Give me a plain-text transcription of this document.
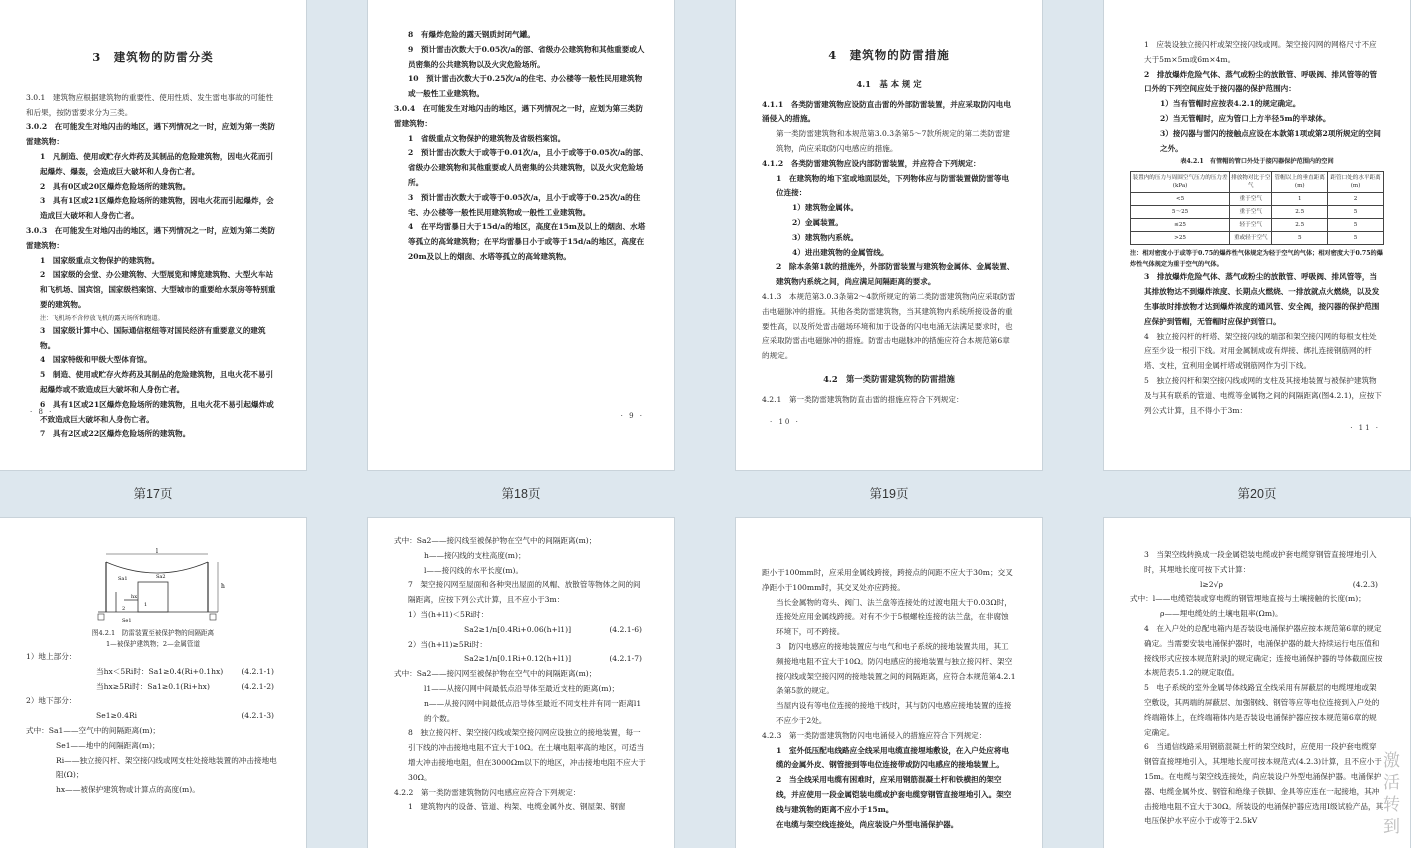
3　建筑物的防雷分类

3.0.1　建筑物应根据建筑物的重要性、使用性质、发生雷电事故的可能性和后果，按防雷要求分为三类。

3.0.2　在可能发生对地闪击的地区，遇下列情况之一时，应划为第一类防雷建筑物：

1　凡制造、使用或贮存火炸药及其制品的危险建筑物，因电火花而引起爆炸、爆轰，会造成巨大破坏和人身伤亡者。

2　具有0区或20区爆炸危险场所的建筑物。

3　具有1区或21区爆炸危险场所的建筑物，因电火花而引起爆炸，会造成巨大破坏和人身伤亡者。

3.0.3　在可能发生对地闪击的地区，遇下列情况之一时，应划为第二类防雷建筑物：

1　国家级重点文物保护的建筑物。

2　国家级的会堂、办公建筑物、大型展览和博览建筑物、大型火车站和飞机场、国宾馆，国家级档案馆、大型城市的重要给水泵房等特别重要的建筑物。

注：飞机场不含停放飞机的露天场所和跑道。

3　国家级计算中心、国际通信枢纽等对国民经济有重要意义的建筑物。

4　国家特级和甲级大型体育馆。

5　制造、使用或贮存火炸药及其制品的危险建筑物，且电火花不易引起爆炸或不致造成巨大破坏和人身伤亡者。

6　具有1区或21区爆炸危险场所的建筑物，且电火花不易引起爆炸或不致造成巨大破坏和人身伤亡者。

7　具有2区或22区爆炸危险场所的建筑物。

· 8 ·
第17页

8　有爆炸危险的露天钢质封闭气罐。

9　预计雷击次数大于0.05次/a的部、省级办公建筑物和其他重要或人员密集的公共建筑物以及火灾危险场所。

10　预计雷击次数大于0.25次/a的住宅、办公楼等一般性民用建筑物或一般性工业建筑物。

3.0.4　在可能发生对地闪击的地区，遇下列情况之一时，应划为第三类防雷建筑物：

1　省级重点文物保护的建筑物及省级档案馆。

2　预计雷击次数大于或等于0.01次/a，且小于或等于0.05次/a的部、省级办公建筑物和其他重要或人员密集的公共建筑物，以及火灾危险场所。

3　预计雷击次数大于或等于0.05次/a，且小于或等于0.25次/a的住宅、办公楼等一般性民用建筑物或一般性工业建筑物。

4　在平均雷暴日大于15d/a的地区，高度在15m及以上的烟囱、水塔等孤立的高耸建筑物；在平均雷暴日小于或等于15d/a的地区，高度在20m及以上的烟囱、水塔等孤立的高耸建筑物。

· 9 ·
第18页
4　建筑物的防雷措施
4.1　基 本 规 定

4.1.1　各类防雷建筑物应设防直击雷的外部防雷装置，并应采取防闪电电涌侵入的措施。

第一类防雷建筑物和本规范第3.0.3条第5～7款所规定的第二类防雷建筑物，尚应采取防闪电感应的措施。

4.1.2　各类防雷建筑物应设内部防雷装置，并应符合下列规定：

1　在建筑物的地下室或地面层处，下列物体应与防雷装置做防雷等电位连接：

1）建筑物金属体。

2）金属装置。

3）建筑物内系统。

4）进出建筑物的金属管线。

2　除本条第1款的措施外，外部防雷装置与建筑物金属体、金属装置、建筑物内系统之间，尚应满足间隔距离的要求。

4.1.3　本规范第3.0.3条第2～4款所规定的第二类防雷建筑物尚应采取防雷击电磁脉冲的措施。其他各类防雷建筑物，当其建筑物内系统所接设备的重要性高，以及所处雷击磁场环境和加于设备的闪电电涌无法满足要求时，也应采取防雷击电磁脉冲的措施。防雷击电磁脉冲的措施应符合本规范第6章的规定。

4.2　第一类防雷建筑物的防雷措施

4.2.1　第一类防雷建筑物防直击雷的措施应符合下列规定：

· 10 ·
第19页

1　应装设独立接闪杆或架空接闪线或网。架空接闪网的网格尺寸不应大于5m×5m或6m×4m。

2　排放爆炸危险气体、蒸气或粉尘的放散管、呼吸阀、排风管等的管口外的下列空间应处于接闪器的保护范围内：

1）当有管帽时应按表4.2.1的规定确定。

2）当无管帽时，应为管口上方半径5m的半球体。

3）接闪器与雷闪的接触点应设在本款第1项或第2项所规定的空间之外。

表4.2.1　有管帽的管口外处于接闪器保护范围内的空间

装置内的压力与周围空气压力的压力差(kPa)	排放物对比于空气	管帽以上的垂直距离(m)	距管口处的水平距离(m)
<5	重于空气	1	2
5～25	重于空气	2.5	5
≤25	轻于空气	2.5	5
>25	重或轻于空气	5	5

注：相对密度小于或等于0.75的爆炸性气体规定为轻于空气的气体；相对密度大于0.75的爆炸性气体规定为重于空气的气体。

3　排放爆炸危险气体、蒸气或粉尘的放散管、呼吸阀、排风管等，当其排放物达不到爆炸浓度、长期点火燃烧、一排放就点火燃烧，以及发生事故时排放物才达到爆炸浓度的通风管、安全阀，接闪器的保护范围应保护到管帽，无管帽时应保护到管口。

4　独立接闪杆的杆塔、架空接闪线的端部和架空接闪网的每根支柱处应至少设一根引下线。对用金属制成或有焊接、绑扎连接钢筋网的杆塔、支柱，宜利用金属杆塔或钢筋网作为引下线。

5　独立接闪杆和架空接闪线或网的支柱及其接地装置与被保护建筑物及与其有联系的管道、电缆等金属物之间的间隔距离(图4.2.1)，应按下列公式计算，且不得小于3m：

· 11 ·
第20页
l
h
Sa1	Sa2
Se1
hx
1
2

图4.2.1　防雷装置至被保护物的间隔距离

1—被保护建筑物；2—金属管道

1）地上部分：

当hx＜5Ri时：Sa1≥0.4(Ri+0.1hx) (4.2.1-1)
当hx≥5Ri时：Sa1≥0.1(Ri+hx)	(4.2.1-2)

2）地下部分：

Se1≥0.4Ri	(4.2.1-3)

式中：Sa1——空气中的间隔距离(m)；

Se1——地中的间隔距离(m)；

Ri——独立接闪杆、架空接闪线或网支柱处接地装置的冲击接地电阻(Ω)；

hx——被保护建筑物或计算点的高度(m)。

式中：Sa2——接闪线至被保护物在空气中的间隔距离(m)；

h——接闪线的支柱高度(m)；

l——接闪线的水平长度(m)。

7　架空接闪网至屋面和各种突出屋面的风帽、放散管等物体之间的间隔距离，应按下列公式计算，且不应小于3m：

1）当(h+l1)＜5Ri时：

Sa2≥1/n[0.4Ri+0.06(h+l1)]	(4.2.1-6)

2）当(h+l1)≥5Ri时：

Sa2≥1/n[0.1Ri+0.12(h+l1)]	(4.2.1-7)

式中：Sa2——接闪网至被保护物在空气中的间隔距离(m)；

l1——从接闪网中间最低点沿导体至最近支柱的距离(m)；

n——从接闪网中间最低点沿导体至最近不同支柱并有同一距离l1的个数。

8　独立接闪杆、架空接闪线或架空接闪网应设独立的接地装置，每一引下线的冲击接地电阻不宜大于10Ω。在土壤电阻率高的地区，可适当增大冲击接地电阻，但在3000Ωm以下的地区，冲击接地电阻不应大于30Ω。

4.2.2　第一类防雷建筑物防闪电感应应符合下列规定：

1　建筑物内的设备、管道、构架、电缆金属外皮、钢屋架、钢窗

距小于100mm时，应采用金属线跨接，跨接点的间距不应大于30m；交叉净距小于100mm时，其交叉处亦应跨接。

当长金属物的弯头、阀门、法兰盘等连接处的过渡电阻大于0.03Ω时，连接处应用金属线跨接。对有不少于5根螺栓连接的法兰盘，在非腐蚀环境下，可不跨接。

3　防闪电感应的接地装置应与电气和电子系统的接地装置共用，其工频接地电阻不宜大于10Ω。防闪电感应的接地装置与独立接闪杆、架空接闪线或架空接闪网的接地装置之间的间隔距离，应符合本规范第4.2.1条第5款的规定。

当屋内设有等电位连接的接地干线时，其与防闪电感应接地装置的连接不应少于2处。

4.2.3　第一类防雷建筑物防闪电电涌侵入的措施应符合下列规定：

1　室外低压配电线路应全线采用电缆直接埋地敷设，在入户处应将电缆的金属外皮、钢管接到等电位连接带或防闪电感应的接地装置上。

2　当全线采用电缆有困难时，应采用钢筋混凝土杆和铁横担的架空线，并应使用一段金属铠装电缆或护套电缆穿钢管直接埋地引入。架空线与建筑物的距离不应小于15m。

在电缆与架空线连接处，尚应装设户外型电涌保护器。

3　当架空线转换成一段金属铠装电缆或护套电缆穿钢管直接埋地引入时，其埋地长度可按下式计算：

l≥2√ρ	(4.2.3)

式中：l——电缆铠装或穿电缆的钢管埋地直接与土壤接触的长度(m)；

ρ——埋电缆处的土壤电阻率(Ωm)。

4　在入户处的总配电箱内是否装设电涌保护器应按本规范第6章的规定确定。当需要安装电涌保护器时，电涌保护器的最大持续运行电压值和接线形式应按本规范附录J的规定确定；连接电涌保护器的导体截面应按本规范表5.1.2的规定取值。

5　电子系统的室外金属导体线路宜全线采用有屏蔽层的电缆埋地或架空敷设，其两端的屏蔽层、加强钢线、钢管等应等电位连接到入户处的终端箱体上，在终端箱体内是否装设电涌保护器应按本规范第6章的规定确定。

6　当通信线路采用钢筋混凝土杆的架空线时，应使用一段护套电缆穿钢管直接埋地引入，其埋地长度可按本规范式(4.2.3)计算，且不应小于15m。在电缆与架空线连接处，尚应装设户外型电涌保护器。电涌保护器、电缆金属外皮、钢管和绝缘子铁脚、金具等应连在一起接地，其冲击接地电阻不宜大于30Ω。所装设的电涌保护器应选用Ⅰ级试验产品，其电压保护水平应小于或等于2.5kV

激活转到
